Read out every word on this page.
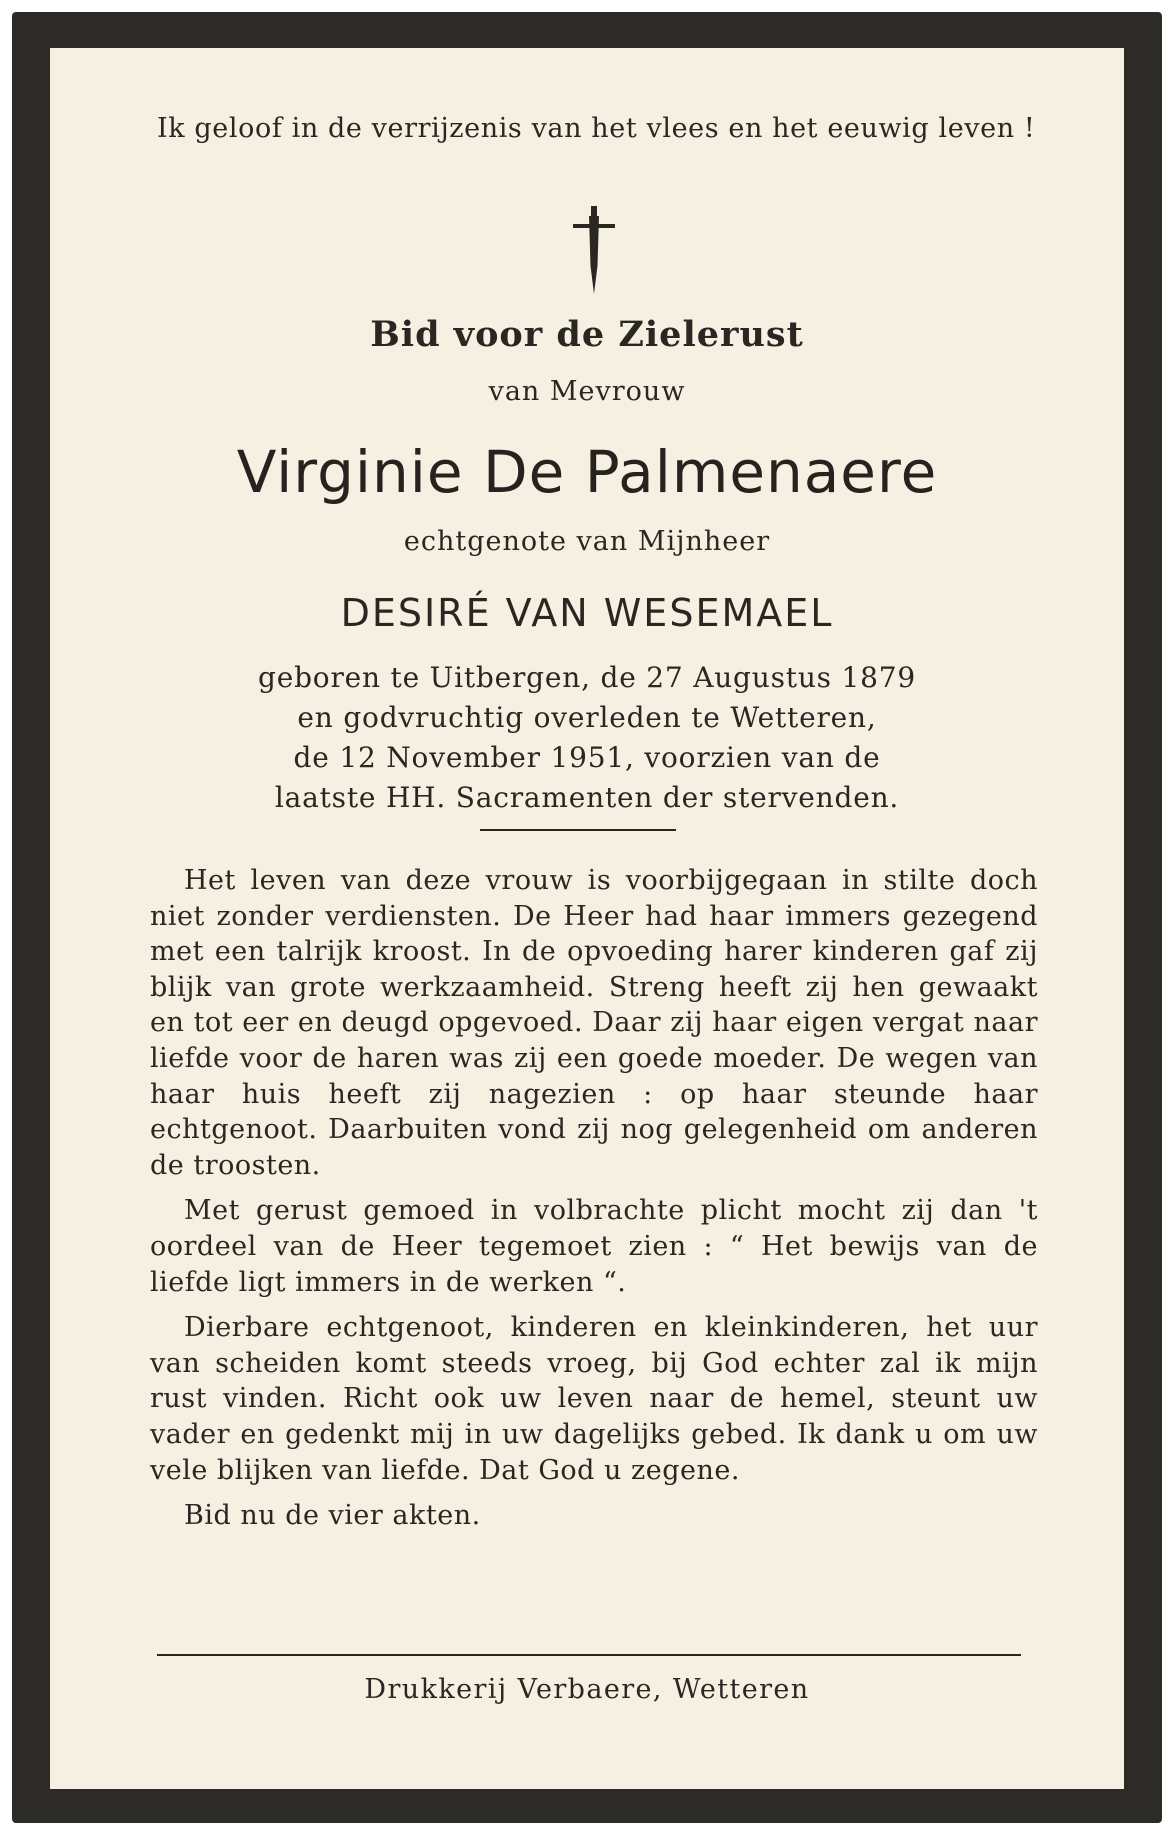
Ik geloof in de verrijzenis van het vlees en het eeuwig leven !
Bid voor de Zielerust
van Mevrouw
Virginie De Palmenaere
echtgenote van Mijnheer
DESIRÉ VAN WESEMAEL
geboren te Uitbergen, de 27 Augustus 1879
en godvruchtig overleden te Wetteren,
de 12 November 1951, voorzien van de
laatste HH. Sacramenten der stervenden.

Het leven van deze vrouw is voorbijgegaan in stilte doch niet zonder verdiensten. De Heer had haar immers gezegend met een talrijk kroost. In de opvoeding harer kinderen gaf zij blijk van grote werkzaamheid. Streng heeft zij hen gewaakt en tot eer en deugd opgevoed. Daar zij haar eigen vergat naar liefde voor de haren was zij een goede moeder. De wegen van haar huis heeft zij nagezien : op haar steunde haar echtgenoot. Daarbuiten vond zij nog gelegenheid om anderen de troosten.

Met gerust gemoed in volbrachte plicht mocht zij dan 't oordeel van de Heer tegemoet zien : “ Het bewijs van de liefde ligt immers in de werken “.

Dierbare echtgenoot, kinderen en kleinkinderen, het uur van scheiden komt steeds vroeg, bij God echter zal ik mijn rust vinden. Richt ook uw leven naar de hemel, steunt uw vader en gedenkt mij in uw dagelijks gebed. Ik dank u om uw vele blijken van liefde. Dat God u zegene.

Bid nu de vier akten.

Drukkerij Verbaere, Wetteren
